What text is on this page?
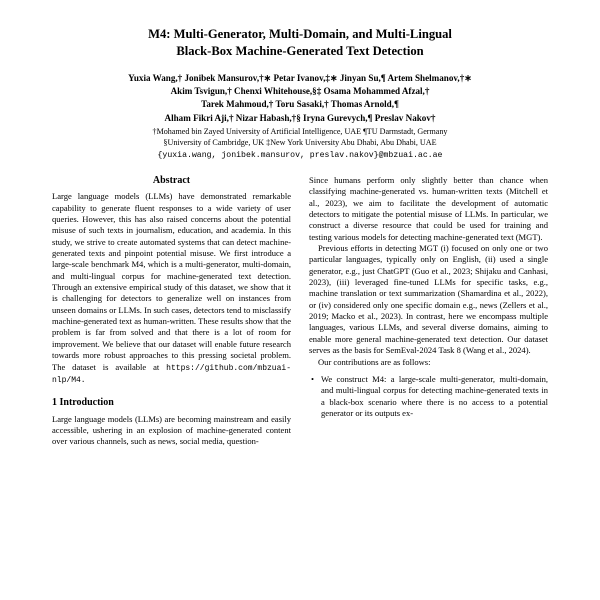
M4: Multi-Generator, Multi-Domain, and Multi-Lingual
Black-Box Machine-Generated Text Detection
Yuxia Wang,† Jonibek Mansurov,†∗ Petar Ivanov,‡∗ Jinyan Su,¶ Artem Shelmanov,†∗
Akim Tsvigun,† Chenxi Whitehouse,§‡ Osama Mohammed Afzal,†
Tarek Mahmoud,† Toru Sasaki,† Thomas Arnold,¶
Alham Fikri Aji,† Nizar Habash,†§ Iryna Gurevych,¶ Preslav Nakov†
†Mohamed bin Zayed University of Artificial Intelligence, UAE ¶TU Darmstadt, Germany
§University of Cambridge, UK ‡New York University Abu Dhabi, Abu Dhabi, UAE
{yuxia.wang, jonibek.mansurov, preslav.nakov}@mbzuai.ac.ae
Abstract

Large language models (LLMs) have demonstrated remarkable capability to generate fluent responses to a wide variety of user queries. However, this has also raised concerns about the potential misuse of such texts in journalism, education, and academia. In this study, we strive to create automated systems that can detect machine-generated texts and pinpoint potential misuse. We first introduce a large-scale benchmark M4, which is a multi-generator, multi-domain, and multi-lingual corpus for machine-generated text detection. Through an extensive empirical study of this dataset, we show that it is challenging for detectors to generalize well on instances from unseen domains or LLMs. In such cases, detectors tend to misclassify machine-generated text as human-written. These results show that the problem is far from solved and that there is a lot of room for improvement. We believe that our dataset will enable future research towards more robust approaches to this pressing societal problem. The dataset is available at https://github.com/mbzuai-nlp/M4.

1 Introduction

Large language models (LLMs) are becoming mainstream and easily accessible, ushering in an explosion of machine-generated content over various channels, such as news, social media, question-

Since humans perform only slightly better than chance when classifying machine-generated vs. human-written texts (Mitchell et al., 2023), we aim to facilitate the development of automatic detectors to mitigate the potential misuse of LLMs. In particular, we construct a diverse resource that could be used for training and testing various models for detecting machine-generated text (MGT).

Previous efforts in detecting MGT (i) focused on only one or two particular languages, typically only on English, (ii) used a single generator, e.g., just ChatGPT (Guo et al., 2023; Shijaku and Canhasi, 2023), (iii) leveraged fine-tuned LLMs for specific tasks, e.g., machine translation or text summarization (Shamardina et al., 2022), or (iv) considered only one specific domain e.g., news (Zellers et al., 2019; Macko et al., 2023). In contrast, here we encompass multiple languages, various LLMs, and several diverse domains, aiming to enable more general machine-generated text detection. Our dataset serves as the basis for SemEval-2024 Task 8 (Wang et al., 2024).

Our contributions are as follows:

• We construct M4: a large-scale multi-generator, multi-domain, and multi-lingual corpus for detecting machine-generated texts in a black-box scenario where there is no access to a potential generator or its outputs ex-
